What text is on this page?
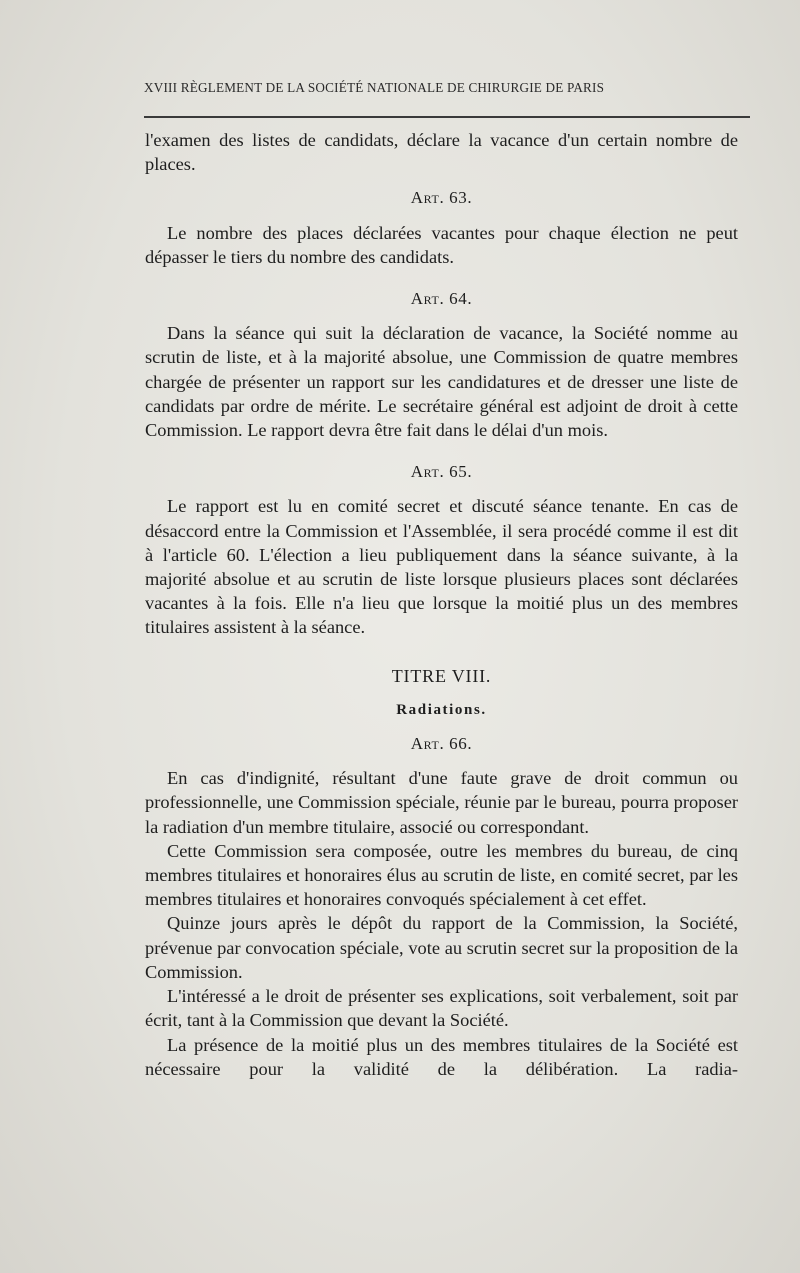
XVIII RÈGLEMENT DE LA SOCIÉTÉ NATIONALE DE CHIRURGIE DE PARIS

l'examen des listes de candidats, déclare la vacance d'un certain nombre de places.

Art. 63.

Le nombre des places déclarées vacantes pour chaque élection ne peut dépasser le tiers du nombre des candidats.

Art. 64.

Dans la séance qui suit la déclaration de vacance, la Société nomme au scrutin de liste, et à la majorité absolue, une Commission de quatre membres chargée de présenter un rapport sur les candidatures et de dresser une liste de candidats par ordre de mérite. Le secrétaire général est adjoint de droit à cette Commission. Le rapport devra être fait dans le délai d'un mois.

Art. 65.

Le rapport est lu en comité secret et discuté séance tenante. En cas de désaccord entre la Commission et l'Assemblée, il sera procédé comme il est dit à l'article 60. L'élection a lieu publiquement dans la séance suivante, à la majorité absolue et au scrutin de liste lorsque plusieurs places sont déclarées vacantes à la fois. Elle n'a lieu que lorsque la moitié plus un des membres titulaires assistent à la séance.

TITRE VIII.
Radiations.
Art. 66.

En cas d'indignité, résultant d'une faute grave de droit commun ou professionnelle, une Commission spéciale, réunie par le bureau, pourra proposer la radiation d'un membre titulaire, associé ou correspondant.

Cette Commission sera composée, outre les membres du bureau, de cinq membres titulaires et honoraires élus au scrutin de liste, en comité secret, par les membres titulaires et honoraires convoqués spécialement à cet effet.

Quinze jours après le dépôt du rapport de la Commission, la Société, prévenue par convocation spéciale, vote au scrutin secret sur la proposition de la Commission.

L'intéressé a le droit de présenter ses explications, soit verbalement, soit par écrit, tant à la Commission que devant la Société.

La présence de la moitié plus un des membres titulaires de la Société est nécessaire pour la validité de la délibération. La radia-
